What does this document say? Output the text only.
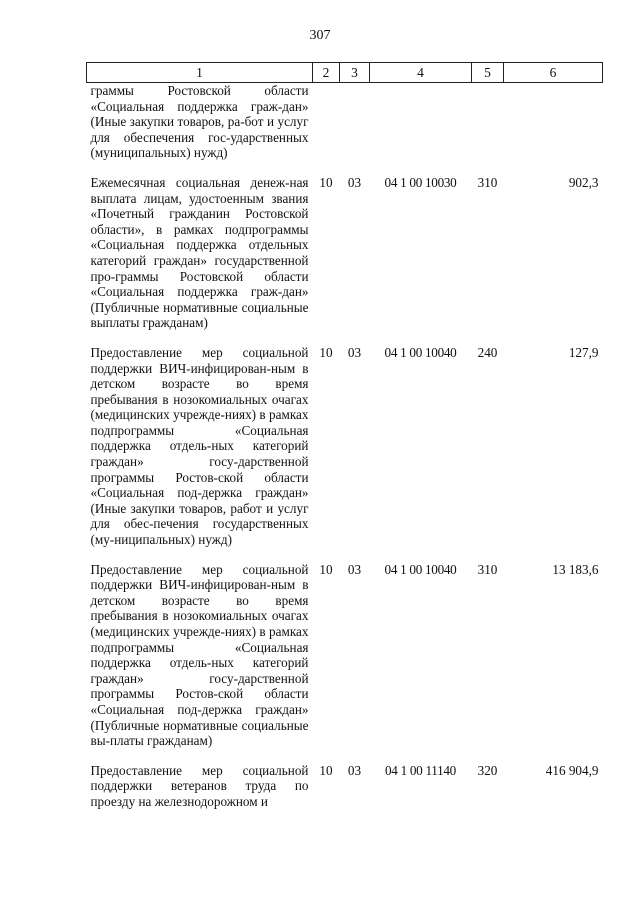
307
1	2	3	4	5	6
граммы Ростовской области «Социальная поддержка граж-дан» (Иные закупки товаров, ра-бот и услуг для обеспечения гос-ударственных (муниципальных) нужд)					
Ежемесячная социальная денеж-ная выплата лицам, удостоенным звания «Почетный гражданин Ростовской области», в рамках подпрограммы «Социальная поддержка отдельных категорий граждан» государственной про-граммы Ростовской области «Социальная поддержка граж-дан» (Публичные нормативные социальные выплаты гражданам)	10	03	04 1 00 10030	310	902,3
Предоставление мер социальной поддержки ВИЧ-инфицирован-ным в детском возрасте во время пребывания в нозокомиальных очагах (медицинских учрежде-ниях) в рамках подпрограммы «Социальная поддержка отдель-ных категорий граждан» госу-дарственной программы Ростов-ской области «Социальная под-держка граждан» (Иные закупки товаров, работ и услуг для обес-печения государственных (му-ниципальных) нужд)	10	03	04 1 00 10040	240	127,9
Предоставление мер социальной поддержки ВИЧ-инфицирован-ным в детском возрасте во время пребывания в нозокомиальных очагах (медицинских учрежде-ниях) в рамках подпрограммы «Социальная поддержка отдель-ных категорий граждан» госу-дарственной программы Ростов-ской области «Социальная под-держка граждан» (Публичные нормативные социальные вы-платы гражданам)	10	03	04 1 00 10040	310	13 183,6
Предоставление мер социальной поддержки ветеранов труда по проезду на железнодорожном и	10	03	04 1 00 11140	320	416 904,9
